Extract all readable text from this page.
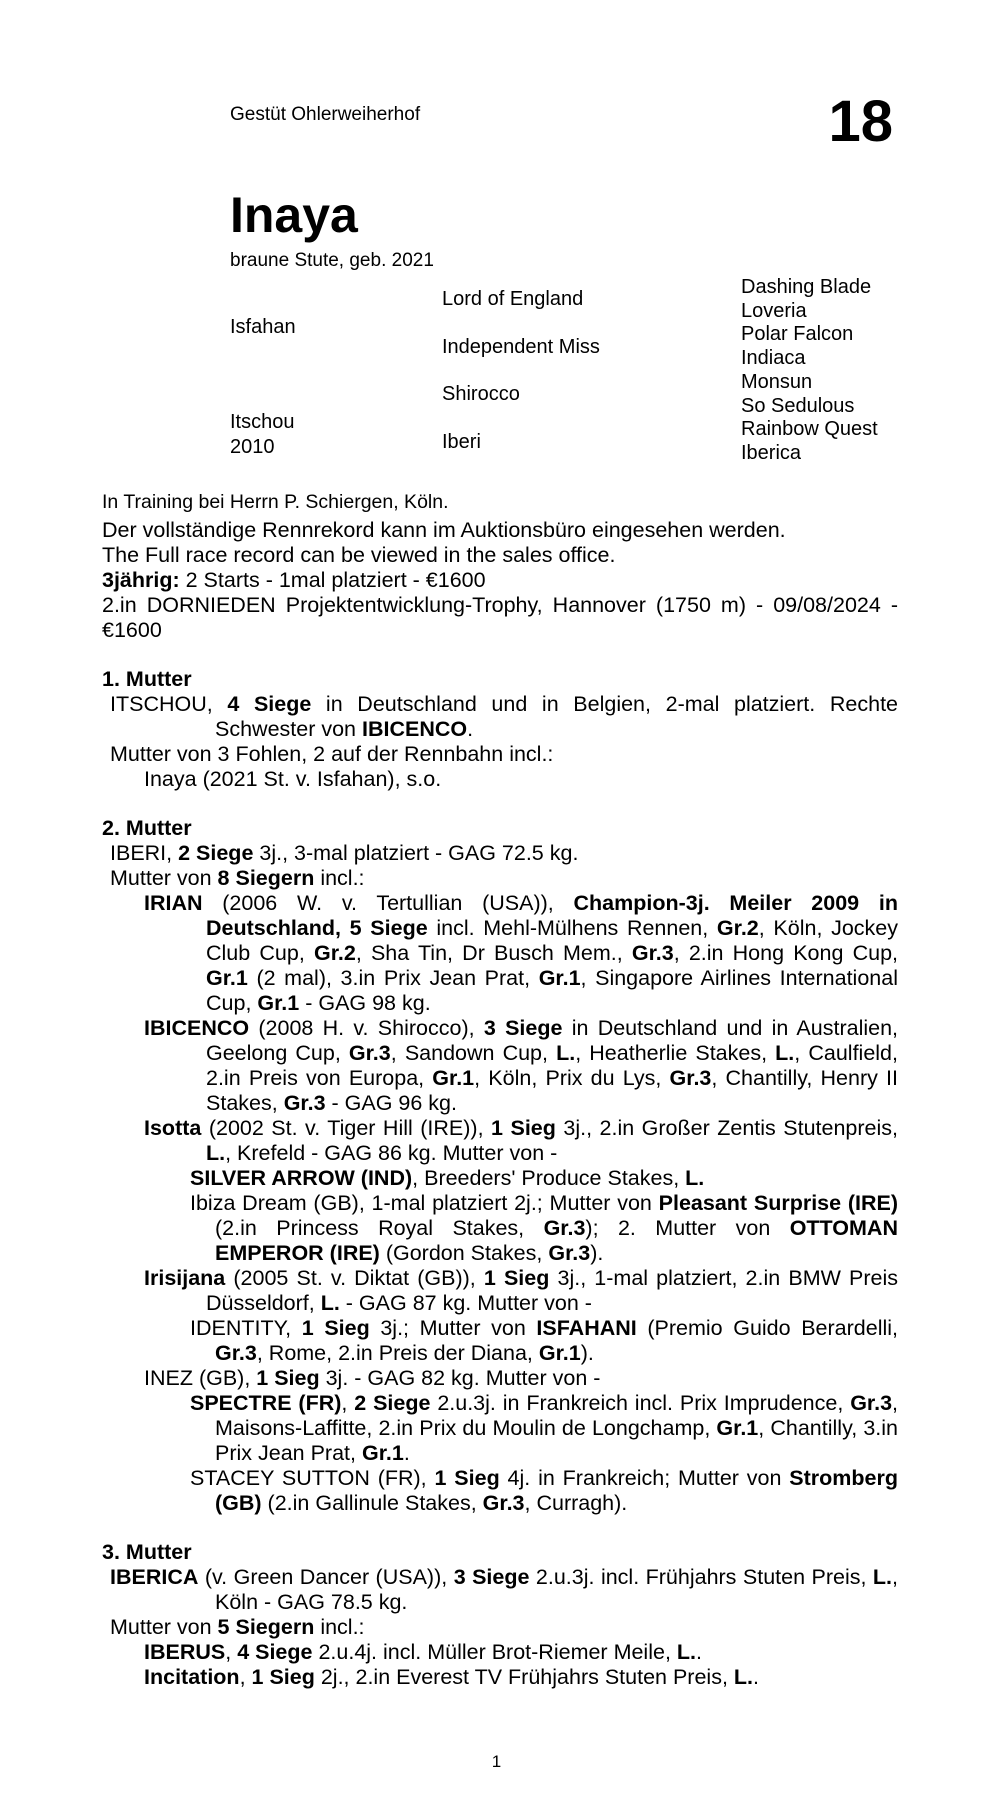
Gestüt Ohlerweiherhof	18
Inaya
braune Stute, geb. 2021
Isfahan
Itschou
2010
Lord of England
Independent Miss
Shirocco
Iberi
Dashing Blade
Loveria
Polar Falcon
Indiaca
Monsun
So Sedulous
Rainbow Quest
Iberica

In Training bei Herrn P. Schiergen, Köln.

Der vollständige Rennrekord kann im Auktionsbüro eingesehen werden.

The Full race record can be viewed in the sales office.

3jährig: 2 Starts - 1mal platziert - €1600

2.in DORNIEDEN Projektentwicklung-Trophy, Hannover (1750 m) - 09/08/2024 - €1600

1. Mutter

ITSCHOU, 4 Siege in Deutschland und in Belgien, 2-mal platziert. Rechte Schwester von IBICENCO.

Mutter von 3 Fohlen, 2 auf der Rennbahn incl.:

Inaya (2021 St. v. Isfahan), s.o.

2. Mutter

IBERI, 2 Siege 3j., 3-mal platziert - GAG 72.5 kg.

Mutter von 8 Siegern incl.:

IRIAN (2006 W. v. Tertullian (USA)), Champion-3j. Meiler 2009 in Deutschland, 5 Siege incl. Mehl-Mülhens Rennen, Gr.2, Köln, Jockey Club Cup, Gr.2, Sha Tin, Dr Busch Mem., Gr.3, 2.in Hong Kong Cup, Gr.1 (2 mal), 3.in Prix Jean Prat, Gr.1, Singapore Airlines International Cup, Gr.1 - GAG 98 kg.

IBICENCO (2008 H. v. Shirocco), 3 Siege in Deutschland und in Australien, Geelong Cup, Gr.3, Sandown Cup, L., Heatherlie Stakes, L., Caulfield, 2.in Preis von Europa, Gr.1, Köln, Prix du Lys, Gr.3, Chantilly, Henry II Stakes, Gr.3 - GAG 96 kg.

Isotta (2002 St. v. Tiger Hill (IRE)), 1 Sieg 3j., 2.in Großer Zentis Stutenpreis, L., Krefeld - GAG 86 kg. Mutter von -

SILVER ARROW (IND), Breeders' Produce Stakes, L.

Ibiza Dream (GB), 1-mal platziert 2j.; Mutter von Pleasant Surprise (IRE) (2.in Princess Royal Stakes, Gr.3); 2. Mutter von OTTOMAN EMPEROR (IRE) (Gordon Stakes, Gr.3).

Irisijana (2005 St. v. Diktat (GB)), 1 Sieg 3j., 1-mal platziert, 2.in BMW Preis Düsseldorf, L. - GAG 87 kg. Mutter von -

IDENTITY, 1 Sieg 3j.; Mutter von ISFAHANI (Premio Guido Berardelli, Gr.3, Rome, 2.in Preis der Diana, Gr.1).

INEZ (GB), 1 Sieg 3j. - GAG 82 kg. Mutter von -

SPECTRE (FR), 2 Siege 2.u.3j. in Frankreich incl. Prix Imprudence, Gr.3, Maisons-Laffitte, 2.in Prix du Moulin de Longchamp, Gr.1, Chantilly, 3.in Prix Jean Prat, Gr.1.

STACEY SUTTON (FR), 1 Sieg 4j. in Frankreich; Mutter von Stromberg (GB) (2.in Gallinule Stakes, Gr.3, Curragh).

3. Mutter

IBERICA (v. Green Dancer (USA)), 3 Siege 2.u.3j. incl. Frühjahrs Stuten Preis, L., Köln - GAG 78.5 kg.

Mutter von 5 Siegern incl.:

IBERUS, 4 Siege 2.u.4j. incl. Müller Brot-Riemer Meile, L..

Incitation, 1 Sieg 2j., 2.in Everest TV Frühjahrs Stuten Preis, L..

1
